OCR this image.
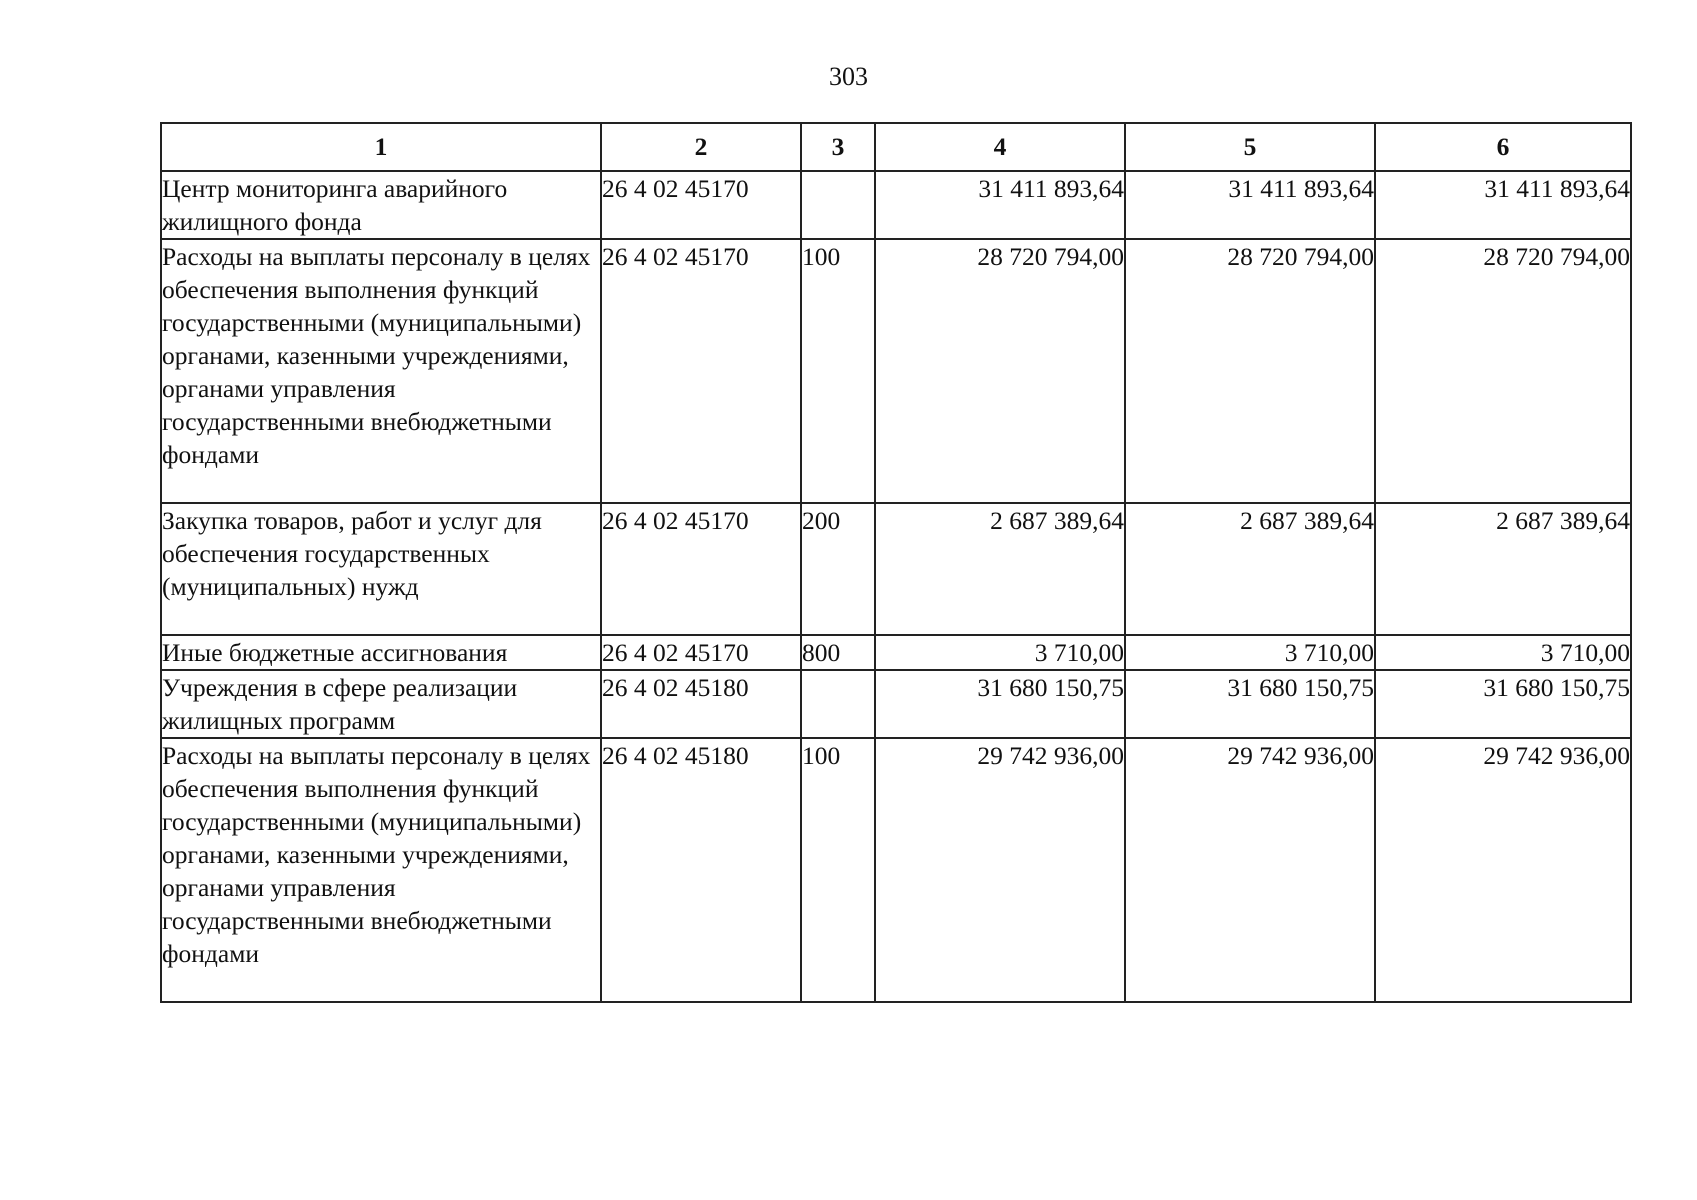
303
1	2	3	4	5	6
Центр мониторинга аварийного жилищного фонда	26 4 02 45170		31 411 893,64	31 411 893,64	31 411 893,64
Расходы на выплаты персоналу в целях обеспечения выполнения функций государственными (муниципальными) органами, казенными учреждениями, органами управления государственными внебюджетными фондами	26 4 02 45170	100	28 720 794,00	28 720 794,00	28 720 794,00
Закупка товаров, работ и услуг для обеспечения государственных (муниципальных) нужд	26 4 02 45170	200	2 687 389,64	2 687 389,64	2 687 389,64
Иные бюджетные ассигнования	26 4 02 45170	800	3 710,00	3 710,00	3 710,00
Учреждения в сфере реализации жилищных программ	26 4 02 45180		31 680 150,75	31 680 150,75	31 680 150,75
Расходы на выплаты персоналу в целях обеспечения выполнения функций государственными (муниципальными) органами, казенными учреждениями, органами управления государственными внебюджетными фондами	26 4 02 45180	100	29 742 936,00	29 742 936,00	29 742 936,00
